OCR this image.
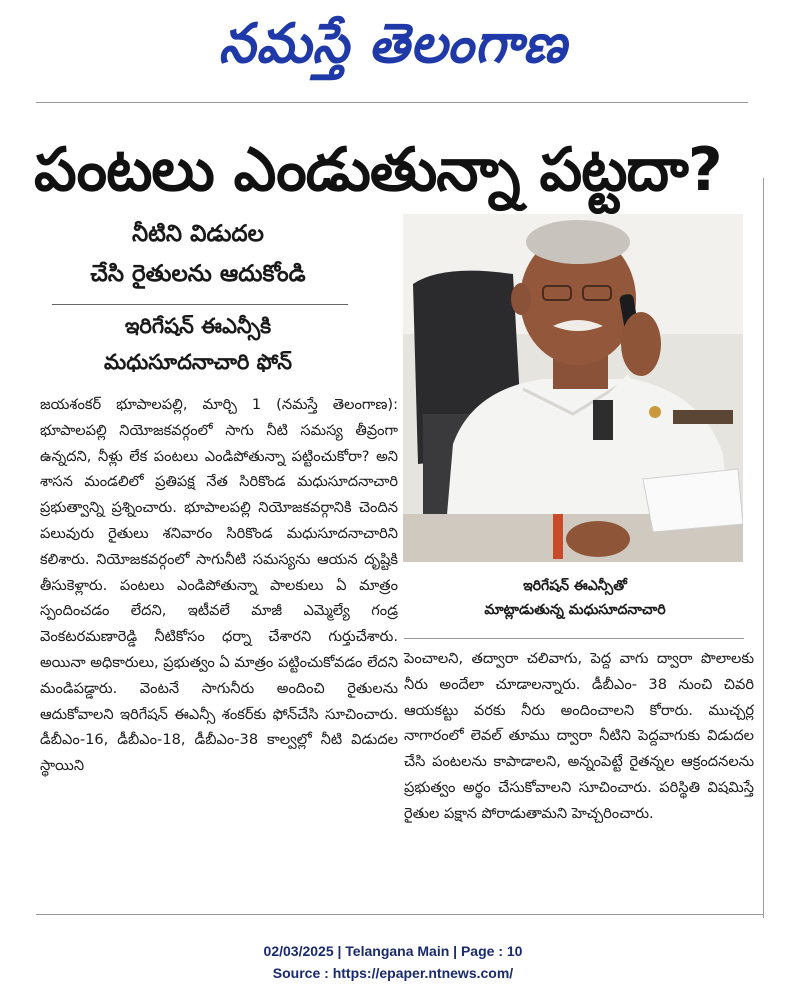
నమస్తే తెలంగాణ
పంటలు ఎండుతున్నా పట్టదా?
నీటిని విడుదల
చేసి రైతులను ఆదుకోండి
ఇరిగేషన్ ఈఎన్సీకి
మధుసూదనాచారి ఫోన్
ఇరిగేషన్ ఈఎన్సీతో
మాట్లాడుతున్న మధుసూదనాచారి

జయశంకర్ భూపాలపల్లి, మార్చి 1 (నమస్తే తెలంగాణ): భూపాలపల్లి నియోజకవర్గంలో సాగు నీటి సమస్య తీవ్రంగా ఉన్నదని, నీళ్లు లేక పంటలు ఎండిపోతున్నా పట్టించుకోరా? అని శాసన మండలిలో ప్రతిపక్ష నేత సిరికొండ మధుసూదనాచారి ప్రభుత్వాన్ని ప్రశ్నించారు. భూపాలపల్లి నియోజకవర్గానికి చెందిన పలువురు రైతులు శనివారం సిరికొండ మధుసూదనాచారిని కలిశారు. నియోజకవర్గంలో సాగునీటి సమస్యను ఆయన దృష్టికి తీసుకెళ్లారు. పంటలు ఎండిపోతున్నా పాలకులు ఏ మాత్రం స్పందించడం లేదని, ఇటీవలే మాజీ ఎమ్మెల్యే గండ్ర వెంకటరమణారెడ్డి నీటికోసం ధర్నా చేశారని గుర్తుచేశారు. అయినా అధికారులు, ప్రభుత్వం ఏ మాత్రం పట్టించుకోవడం లేదని మండిపడ్డారు. వెంటనే సాగునీరు అందించి రైతులను ఆదుకోవాలని ఇరిగేషన్ ఈఎన్సీ శంకర్‌కు ఫోన్‌చేసి సూచించారు. డీబీఎం-16, డీబీఎం-18, డీబీఎం-38 కాల్వల్లో నీటి విడుదల స్థాయిని

పెంచాలని, తద్వారా చలివాగు, పెద్ద వాగు ద్వారా పొలాలకు నీరు అందేలా చూడాలన్నారు. డీబీఎం- 38 నుంచి చివరి ఆయకట్టు వరకు నీరు అందించాలని కోరారు. ముచ్చర్ల నాగారంలో లెవల్ తూము ద్వారా నీటిని పెద్దవాగుకు విడుదల చేసి పంటలను కాపాడాలని, అన్నంపెట్టే రైతన్నల ఆక్రందనలను ప్రభుత్వం అర్థం చేసుకోవాలని సూచించారు. పరిస్థితి విషమిస్తే రైతుల పక్షాన పోరాడుతామని హెచ్చరించారు.

02/03/2025 | Telangana Main | Page : 10
Source : https://epaper.ntnews.com/
